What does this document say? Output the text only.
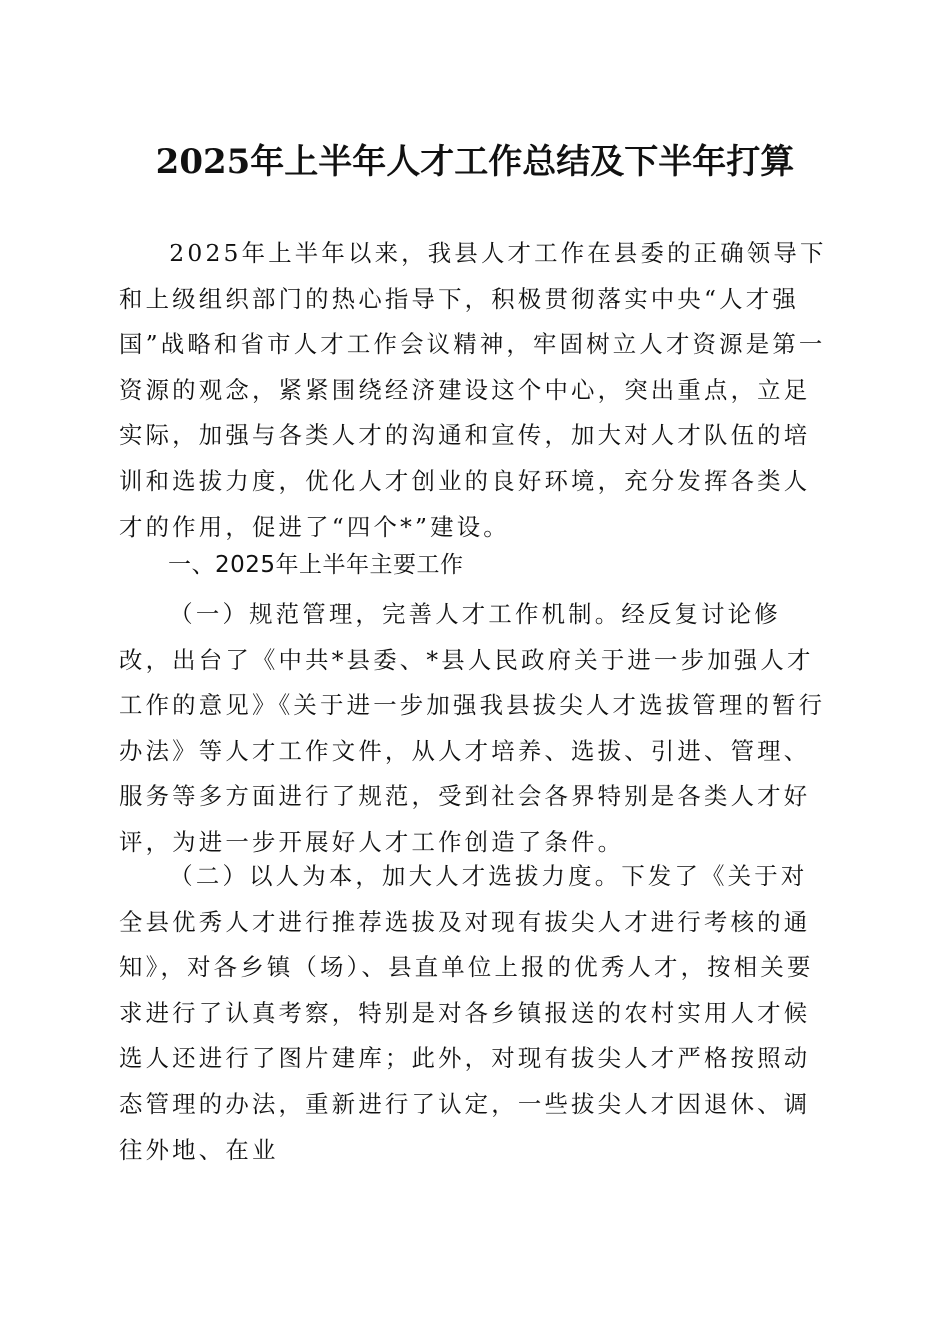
2025年上半年人才工作总结及下半年打算

2025年上半年以来，我县人才工作在县委的正确领导下和上级组织部门的热心指导下，积极贯彻落实中央“人才强国”战略和省市人才工作会议精神，牢固树立人才资源是第一资源的观念，紧紧围绕经济建设这个中心，突出重点，立足实际，加强与各类人才的沟通和宣传，加大对人才队伍的培训和选拔力度，优化人才创业的良好环境，充分发挥各类人才的作用，促进了“四个*”建设。

一、2025年上半年主要工作

（一）规范管理，完善人才工作机制。经反复讨论修改，出台了《中共*县委、*县人民政府关于进一步加强人才工作的意见》《关于进一步加强我县拔尖人才选拔管理的暂行办法》等人才工作文件，从人才培养、选拔、引进、管理、服务等多方面进行了规范，受到社会各界特别是各类人才好评，为进一步开展好人才工作创造了条件。

（二）以人为本，加大人才选拔力度。下发了《关于对全县优秀人才进行推荐选拔及对现有拔尖人才进行考核的通知》，对各乡镇（场）、县直单位上报的优秀人才，按相关要求进行了认真考察，特别是对各乡镇报送的农村实用人才候选人还进行了图片建库；此外，对现有拔尖人才严格按照动态管理的办法，重新进行了认定，一些拔尖人才因退休、调往外地、在业
